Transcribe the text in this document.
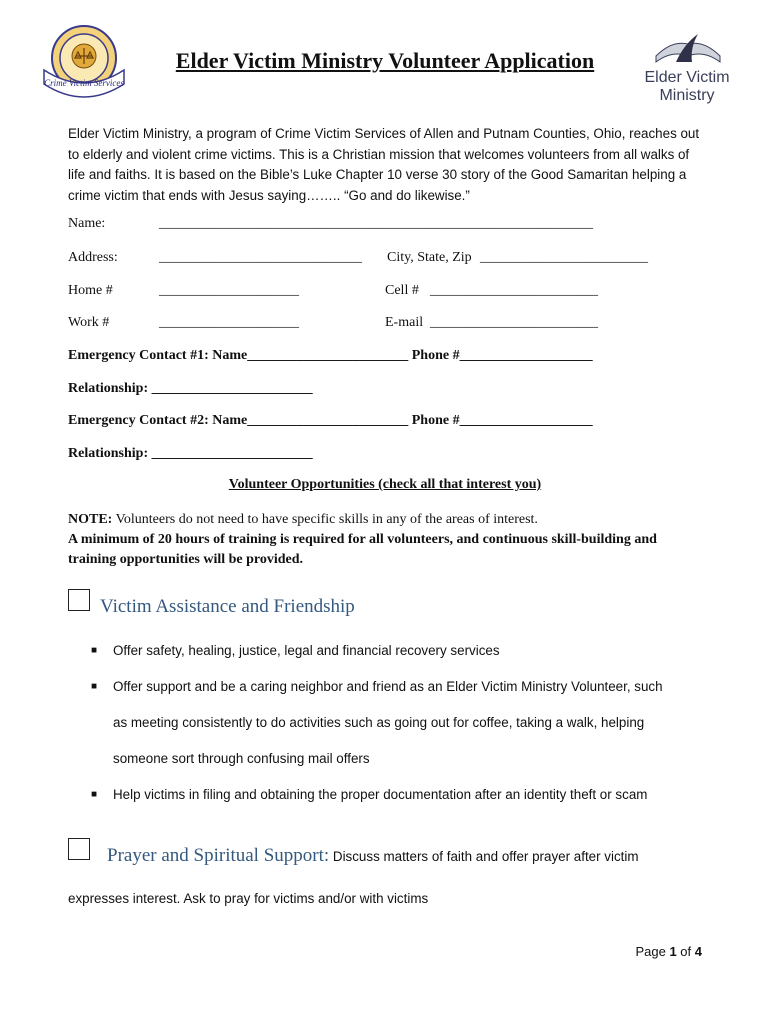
Crime Victim Services	Elder Victim
Ministry
Elder Victim Ministry Volunteer Application
Elder Victim Ministry, a program of Crime Victim Services of Allen and Putnam Counties, Ohio, reaches out to elderly and violent crime victims. This is a Christian mission that welcomes volunteers from all walks of life and faiths. It is based on the Bible’s Luke Chapter 10 verse 30 story of the Good Samaritan helping a crime victim that ends with Jesus saying…….. “Go and do likewise.”
Name:	______________________________________________________________
Address:	_____________________________ City, State, Zip ________________________
Home #	____________________	Cell # ________________________
Work #	____________________	E-mail ________________________
Emergency Contact #1: Name_______________________ Phone #___________________
Relationship: _______________________
Emergency Contact #2: Name_______________________ Phone #___________________
Relationship: _______________________
Volunteer Opportunities (check all that interest you)
NOTE: Volunteers do not need to have specific skills in any of the areas of interest.
A minimum of 20 hours of training is required for all volunteers, and continuous skill-building and training opportunities will be provided.
Victim Assistance and Friendship
■ Offer safety, healing, justice, legal and financial recovery services
■ Offer support and be a caring neighbor and friend as an Elder Victim Ministry Volunteer, such
as meeting consistently to do activities such as going out for coffee, taking a walk, helping
someone sort through confusing mail offers
■ Help victims in filing and obtaining the proper documentation after an identity theft or scam
Prayer and Spiritual Support: Discuss matters of faith and offer prayer after victim
expresses interest. Ask to pray for victims and/or with victims
Page 1 of 4
